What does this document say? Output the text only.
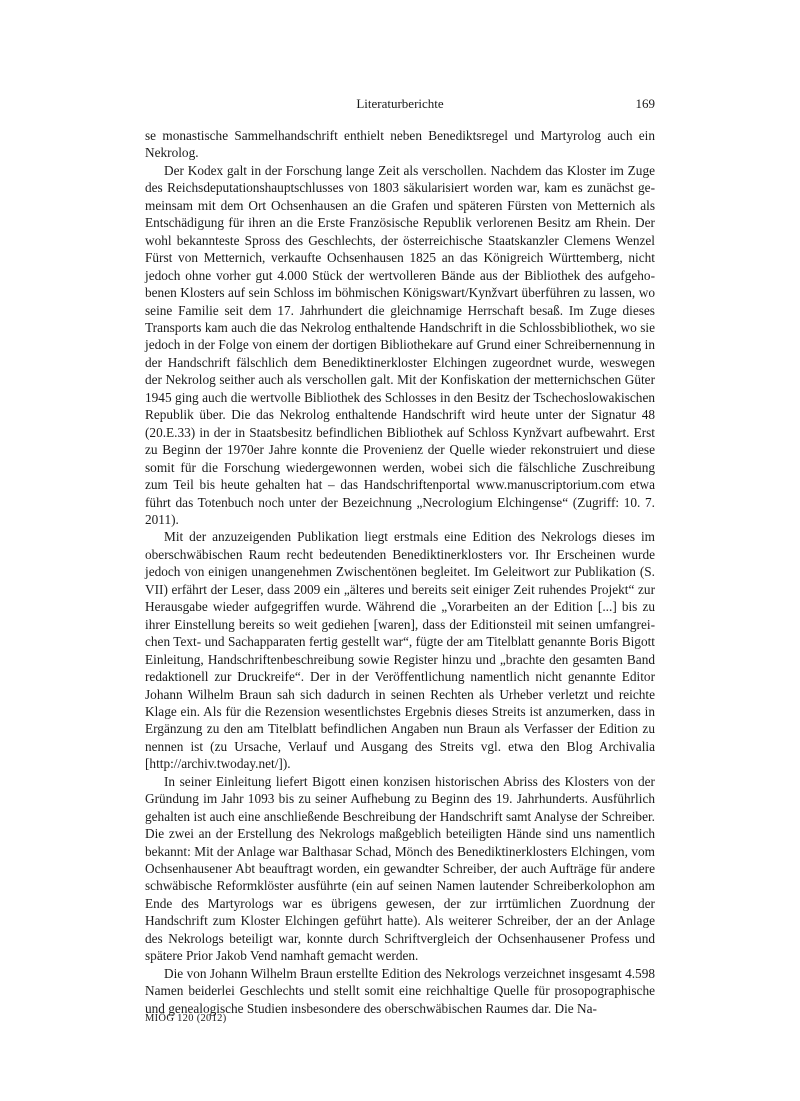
Literaturberichte	169

se monastische Sammelhandschrift enthielt neben Benediktsregel und Martyrolog auch ein Nekrolog.

Der Kodex galt in der Forschung lange Zeit als verschollen. Nachdem das Kloster im Zuge des Reichsdeputationshauptschlusses von 1803 säkularisiert worden war, kam es zunächst gemeinsam mit dem Ort Ochsenhausen an die Grafen und späteren Fürsten von Metternich als Entschädigung für ihren an die Erste Französische Republik verlorenen Besitz am Rhein. Der wohl bekannteste Spross des Geschlechts, der österreichische Staatskanzler Clemens Wenzel Fürst von Metternich, verkaufte Ochsenhausen 1825 an das Königreich Württemberg, nicht jedoch ohne vorher gut 4.000 Stück der wertvolleren Bände aus der Bibliothek des aufgehobenen Klosters auf sein Schloss im böhmischen Königswart/Kynžvart überführen zu lassen, wo seine Familie seit dem 17. Jahrhundert die gleichnamige Herrschaft besaß. Im Zuge dieses Transports kam auch die das Nekrolog enthaltende Handschrift in die Schlossbibliothek, wo sie jedoch in der Folge von einem der dortigen Bibliothekare auf Grund einer Schreibernennung in der Handschrift fälschlich dem Benediktinerkloster Elchingen zugeordnet wurde, weswegen der Nekrolog seither auch als verschollen galt. Mit der Konfiskation der metternichschen Güter 1945 ging auch die wertvolle Bibliothek des Schlosses in den Besitz der Tschechoslowakischen Republik über. Die das Nekrolog enthaltende Handschrift wird heute unter der Signatur 48 (20.E.33) in der in Staatsbesitz befindlichen Bibliothek auf Schloss Kynžvart aufbewahrt. Erst zu Beginn der 1970er Jahre konnte die Provenienz der Quelle wieder rekonstruiert und diese somit für die Forschung wiedergewonnen werden, wobei sich die fälschliche Zuschreibung zum Teil bis heute gehalten hat – das Handschriftenportal www.manuscriptorium.com etwa führt das Totenbuch noch unter der Bezeichnung „Necrologium Elchingense“ (Zugriff: 10. 7. 2011).

Mit der anzuzeigenden Publikation liegt erstmals eine Edition des Nekrologs dieses im oberschwäbischen Raum recht bedeutenden Benediktinerklosters vor. Ihr Erscheinen wurde jedoch von einigen unangenehmen Zwischentönen begleitet. Im Geleitwort zur Publikation (S. VII) erfährt der Leser, dass 2009 ein „älteres und bereits seit einiger Zeit ruhendes Projekt“ zur Herausgabe wieder aufgegriffen wurde. Während die „Vorarbeiten an der Edition [...] bis zu ihrer Einstellung bereits so weit gediehen [waren], dass der Editionsteil mit seinen umfangreichen Text- und Sachapparaten fertig gestellt war“, fügte der am Titelblatt genannte Boris Bigott Einleitung, Handschriftenbeschreibung sowie Register hinzu und „brachte den gesamten Band redaktionell zur Druckreife“. Der in der Veröffentlichung namentlich nicht genannte Editor Johann Wilhelm Braun sah sich dadurch in seinen Rechten als Urheber verletzt und reichte Klage ein. Als für die Rezension wesentlichstes Ergebnis dieses Streits ist anzumerken, dass in Ergänzung zu den am Titelblatt befindlichen Angaben nun Braun als Verfasser der Edition zu nennen ist (zu Ursache, Verlauf und Ausgang des Streits vgl. etwa den Blog Archivalia [http://archiv.twoday.net/]).

In seiner Einleitung liefert Bigott einen konzisen historischen Abriss des Klosters von der Gründung im Jahr 1093 bis zu seiner Aufhebung zu Beginn des 19. Jahrhunderts. Ausführlich gehalten ist auch eine anschließende Beschreibung der Handschrift samt Analyse der Schreiber. Die zwei an der Erstellung des Nekrologs maßgeblich beteiligten Hände sind uns namentlich bekannt: Mit der Anlage war Balthasar Schad, Mönch des Benediktinerklosters Elchingen, vom Ochsenhausener Abt beauftragt worden, ein gewandter Schreiber, der auch Aufträge für andere schwäbische Reformklöster ausführte (ein auf seinen Namen lautender Schreiberkolophon am Ende des Martyrologs war es übrigens gewesen, der zur irrtümlichen Zuordnung der Handschrift zum Kloster Elchingen geführt hatte). Als weiterer Schreiber, der an der Anlage des Nekrologs beteiligt war, konnte durch Schriftvergleich der Ochsenhausener Profess und spätere Prior Jakob Vend namhaft gemacht werden.

Die von Johann Wilhelm Braun erstellte Edition des Nekrologs verzeichnet insgesamt 4.598 Namen beiderlei Geschlechts und stellt somit eine reichhaltige Quelle für prosopographische und genealogische Studien insbesondere des oberschwäbischen Raumes dar. Die Na-

MIÖG 120 (2012)
